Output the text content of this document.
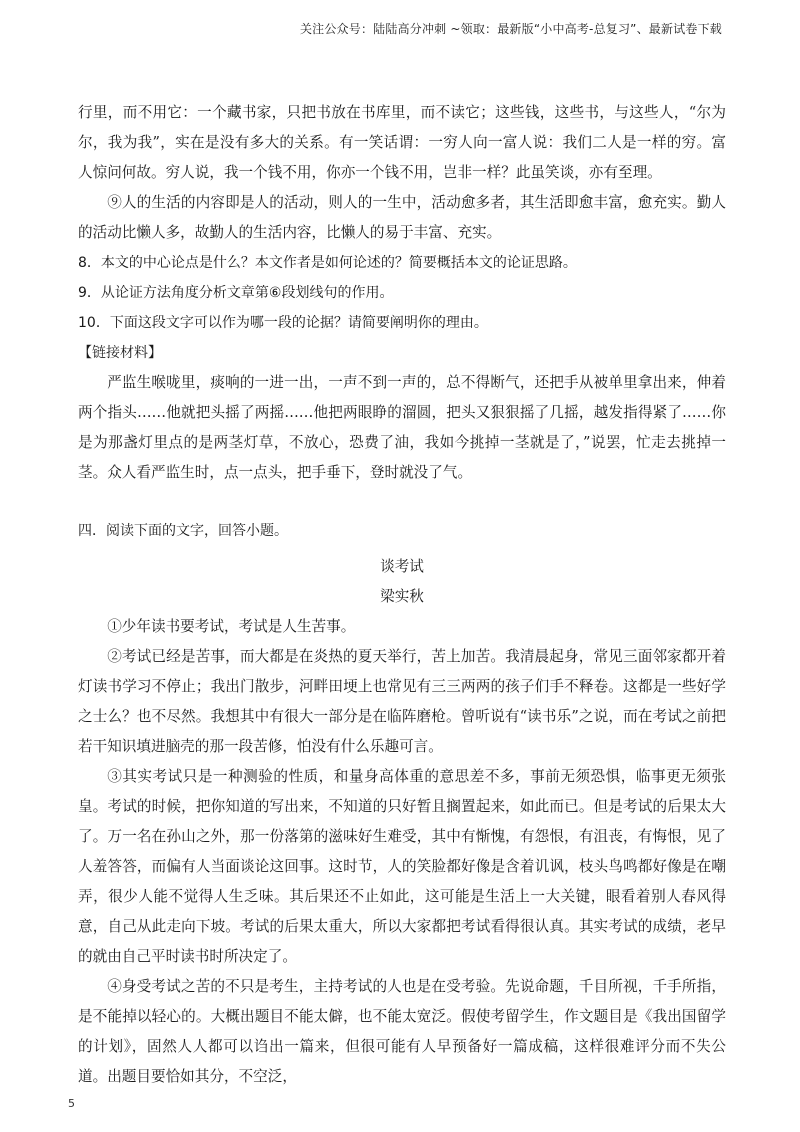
关注公众号：陆陆高分冲刺 ~领取：最新版“小中高考-总复习”、最新试卷下载

行里，而不用它：一个藏书家，只把书放在书库里，而不读它；这些钱，这些书，与这些人，“尔为尔，我为我”，实在是没有多大的关系。有一笑话谓：一穷人向一富人说：我们二人是一样的穷。富人惊问何故。穷人说，我一个钱不用，你亦一个钱不用，岂非一样？此虽笑谈，亦有至理。

⑨人的生活的内容即是人的活动，则人的一生中，活动愈多者，其生活即愈丰富，愈充实。勤人的活动比懒人多，故勤人的生活内容，比懒人的易于丰富、充实。

8．本文的中心论点是什么？本文作者是如何论述的？简要概括本文的论证思路。

9．从论证方法角度分析文章第⑥段划线句的作用。

10．下面这段文字可以作为哪一段的论据？请简要阐明你的理由。

【链接材料】

严监生喉咙里，痰响的一进一出，一声不到一声的，总不得断气，还把手从被单里拿出来，伸着两个指头……他就把头摇了两摇……他把两眼睁的溜圆，把头又狠狠摇了几摇，越发指得紧了……你是为那盏灯里点的是两茎灯草，不放心，恐费了油，我如今挑掉一茎就是了，”说罢，忙走去挑掉一茎。众人看严监生时，点一点头，把手垂下，登时就没了气。

四．阅读下面的文字，回答小题。

谈考试

梁实秋

①少年读书要考试，考试是人生苦事。

②考试已经是苦事，而大都是在炎热的夏天举行，苦上加苦。我清晨起身，常见三面邻家都开着灯读书学习不停止；我出门散步，河畔田埂上也常见有三三两两的孩子们手不释卷。这都是一些好学之士么？也不尽然。我想其中有很大一部分是在临阵磨枪。曾听说有“读书乐”之说，而在考试之前把若干知识填进脑壳的那一段苦修，怕没有什么乐趣可言。

③其实考试只是一种测验的性质，和量身高体重的意思差不多，事前无须恐惧，临事更无须张皇。考试的时候，把你知道的写出来，不知道的只好暂且搁置起来，如此而已。但是考试的后果太大了。万一名在孙山之外，那一份落第的滋味好生难受，其中有惭愧，有怨恨，有沮丧，有悔恨，见了人羞答答，而偏有人当面谈论这回事。这时节，人的笑脸都好像是含着讥讽，枝头鸟鸣都好像是在嘲弄，很少人能不觉得人生乏味。其后果还不止如此，这可能是生活上一大关键，眼看着别人春风得意，自己从此走向下坡。考试的后果太重大，所以大家都把考试看得很认真。其实考试的成绩，老早的就由自己平时读书时所决定了。

④身受考试之苦的不只是考生，主持考试的人也是在受考验。先说命题，千目所视，千手所指，是不能掉以轻心的。大概出题目不能太僻，也不能太宽泛。假使考留学生，作文题目是《我出国留学的计划》，固然人人都可以诌出一篇来，但很可能有人早预备好一篇成稿，这样很难评分而不失公道。出题目要恰如其分，不空泛，

5
